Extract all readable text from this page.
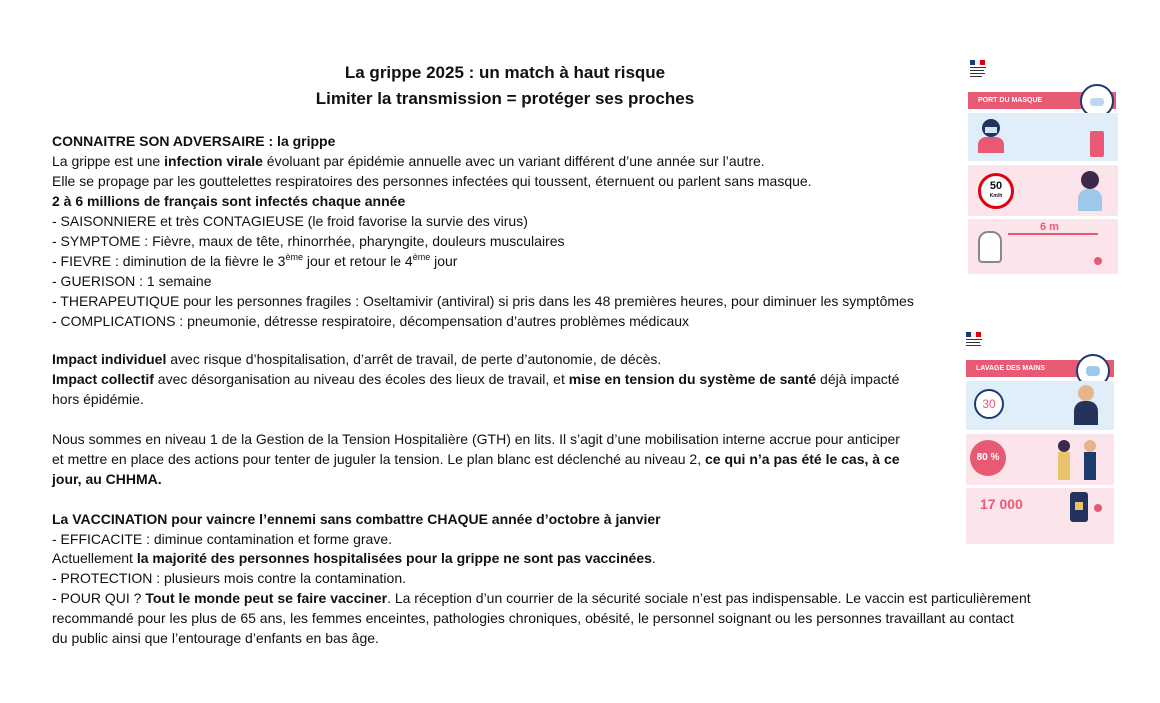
La grippe 2025 : un match à haut risque
Limiter la transmission = protéger ses proches
CONNAITRE SON ADVERSAIRE : la grippe
La grippe est une infection virale évoluant par épidémie annuelle avec un variant différent d’une année sur l’autre.
Elle se propage par les gouttelettes respiratoires des personnes infectées qui toussent, éternuent ou parlent sans masque.
2 à 6 millions de français sont infectés chaque année
- SAISONNIERE et très CONTAGIEUSE (le froid favorise la survie des virus)
- SYMPTOME : Fièvre, maux de tête, rhinorrhée, pharyngite, douleurs musculaires
- FIEVRE : diminution de la fièvre le 3ème jour et retour le 4ème jour
- GUERISON : 1 semaine
- THERAPEUTIQUE pour les personnes fragiles : Oseltamivir (antiviral) si pris dans les 48 premières heures, pour diminuer les symptômes
- COMPLICATIONS : pneumonie, détresse respiratoire, décompensation d’autres problèmes médicaux
Impact individuel avec risque d’hospitalisation, d’arrêt de travail, de perte d’autonomie, de décès.
Impact collectif avec désorganisation au niveau des écoles des lieux de travail, et mise en tension du système de santé déjà impacté
hors épidémie.
Nous sommes en niveau 1 de la Gestion de la Tension Hospitalière (GTH) en lits. Il s’agit d’une mobilisation interne accrue pour anticiper
et mettre en place des actions pour tenter de juguler la tension. Le plan blanc est déclenché au niveau 2, ce qui n’a pas été le cas, à ce
jour, au CHHMA.
La VACCINATION pour vaincre l’ennemi sans combattre CHAQUE année d’octobre à janvier
- EFFICACITE : diminue contamination et forme grave.
Actuellement la majorité des personnes hospitalisées pour la grippe ne sont pas vaccinées.
- PROTECTION : plusieurs mois contre la contamination.
- POUR QUI ? Tout le monde peut se faire vacciner. La réception d’un courrier de la sécurité sociale n’est pas indispensable. Le vaccin est particulièrement
recommandé pour les plus de 65 ans, les femmes enceintes, pathologies chroniques, obésité, le personnel soignant ou les personnes travaillant au contact
du public ainsi que l’entourage d’enfants en bas âge.
PORT DU MASQUE
50
Km/h
6 m
LAVAGE DES MAINS
30
80 %
17 000
